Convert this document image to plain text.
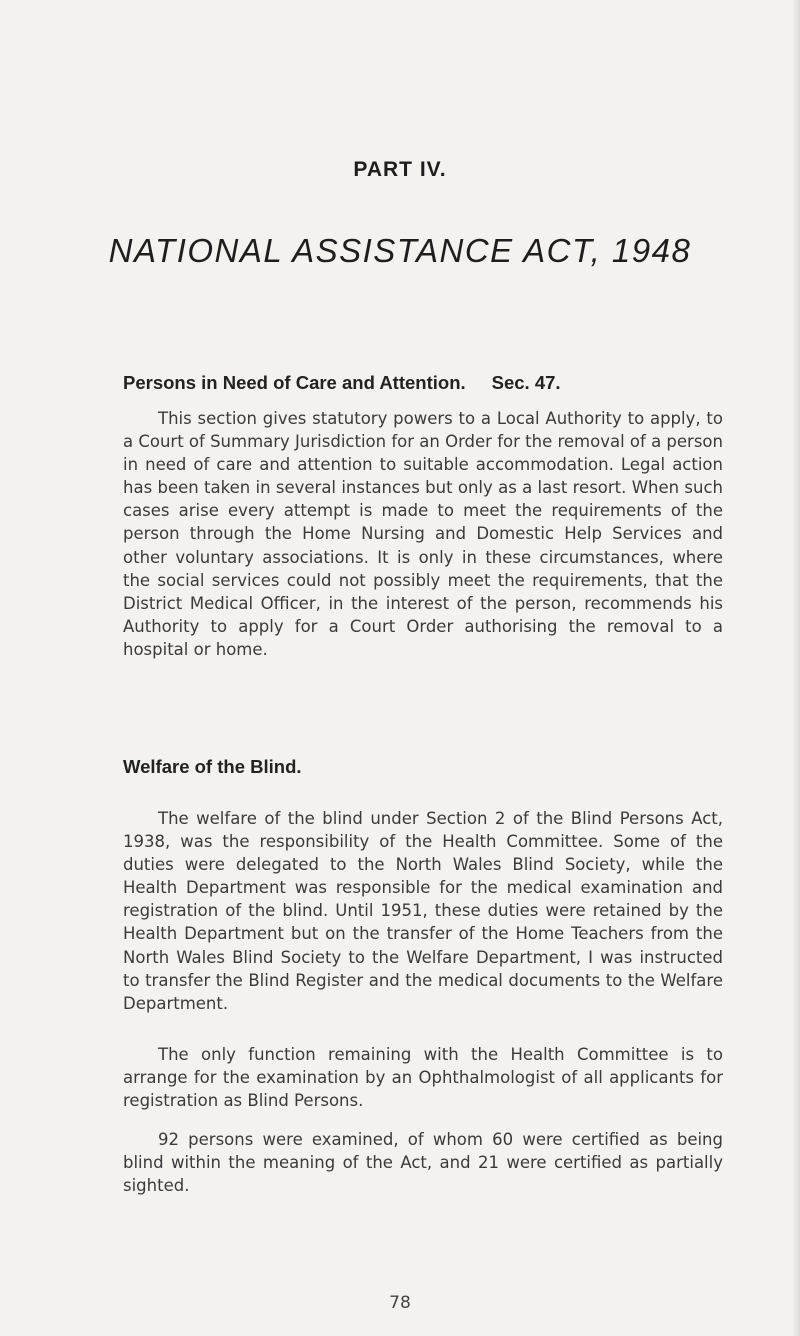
PART IV.
NATIONAL ASSISTANCE ACT, 1948
Persons in Need of Care and Attention. Sec. 47.

This section gives statutory powers to a Local Authority to apply, to a Court of Summary Jurisdiction for an Order for the removal of a person in need of care and attention to suitable accommodation. Legal action has been taken in several instances but only as a last resort. When such cases arise every attempt is made to meet the requirements of the person through the Home Nursing and Domestic Help Services and other voluntary associations. It is only in these circumstances, where the social services could not possibly meet the requirements, that the District Medical Officer, in the interest of the person, recommends his Authority to apply for a Court Order authorising the removal to a hospital or home.

Welfare of the Blind.

The welfare of the blind under Section 2 of the Blind Persons Act, 1938, was the responsibility of the Health Committee. Some of the duties were delegated to the North Wales Blind Society, while the Health Department was responsible for the medical examination and registration of the blind. Until 1951, these duties were retained by the Health Department but on the transfer of the Home Teachers from the North Wales Blind Society to the Welfare Department, I was instructed to transfer the Blind Register and the medical documents to the Welfare Department.

The only function remaining with the Health Committee is to arrange for the examination by an Ophthalmologist of all applicants for registration as Blind Persons.

92 persons were examined, of whom 60 were certified as being blind within the meaning of the Act, and 21 were certified as partially sighted.

78
